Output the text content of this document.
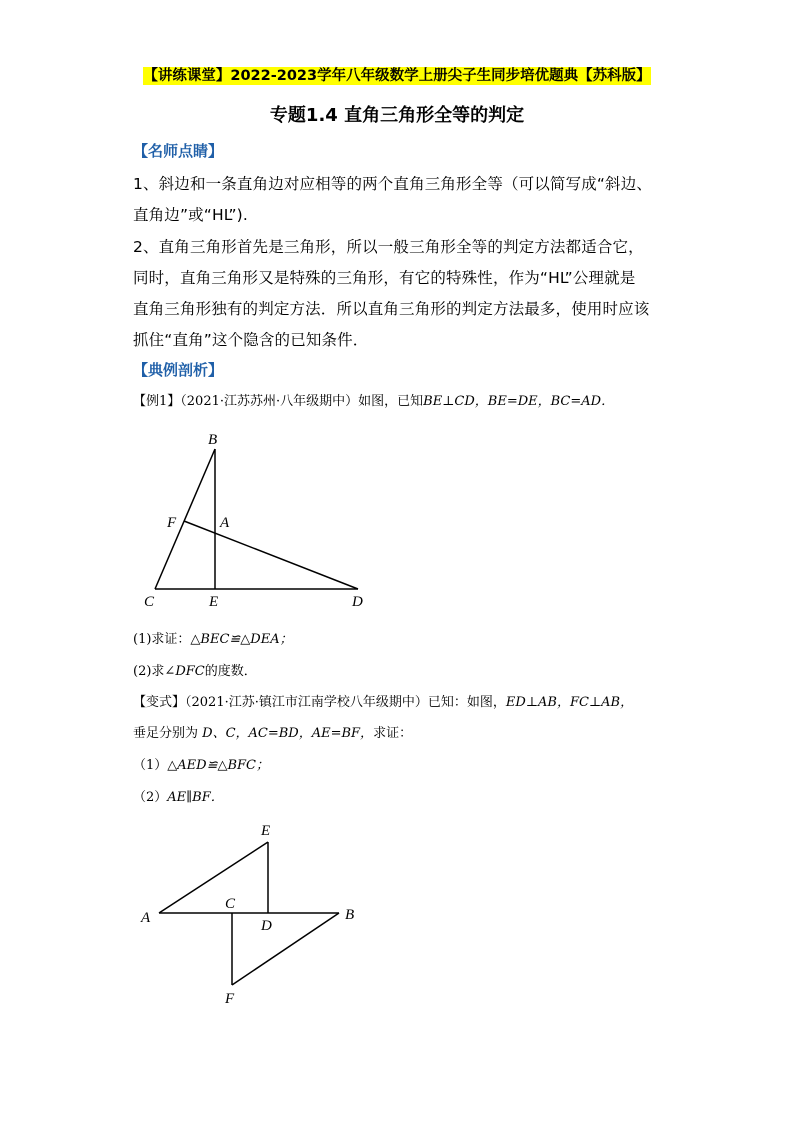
【讲练课堂】2022-2023学年八年级数学上册尖子生同步培优题典【苏科版】
专题1.4 直角三角形全等的判定
【名师点睛】
1、斜边和一条直角边对应相等的两个直角三角形全等（可以简写成“斜边、
直角边”或“HL”).
2、直角三角形首先是三角形，所以一般三角形全等的判定方法都适合它，
同时，直角三角形又是特殊的三角形，有它的特殊性，作为“HL”公理就是
直角三角形独有的判定方法．所以直角三角形的判定方法最多，使用时应该
抓住“直角”这个隐含的已知条件．
【典例剖析】
【例1】（2021·江苏苏州·八年级期中）如图，已知BE⊥CD，BE=DE，BC=AD．
B
F	A
C	E	D
(1)求证：△BEC≌△DEA；
(2)求∠DFC的度数．
【变式】（2021·江苏·镇江市江南学校八年级期中）已知：如图，ED⊥AB，FC⊥AB，
垂足分别为 D、C，AC=BD，AE=BF，求证：
（1）△AED≌△BFC；
（2）AE∥BF．
E
C
A	D
B
F
